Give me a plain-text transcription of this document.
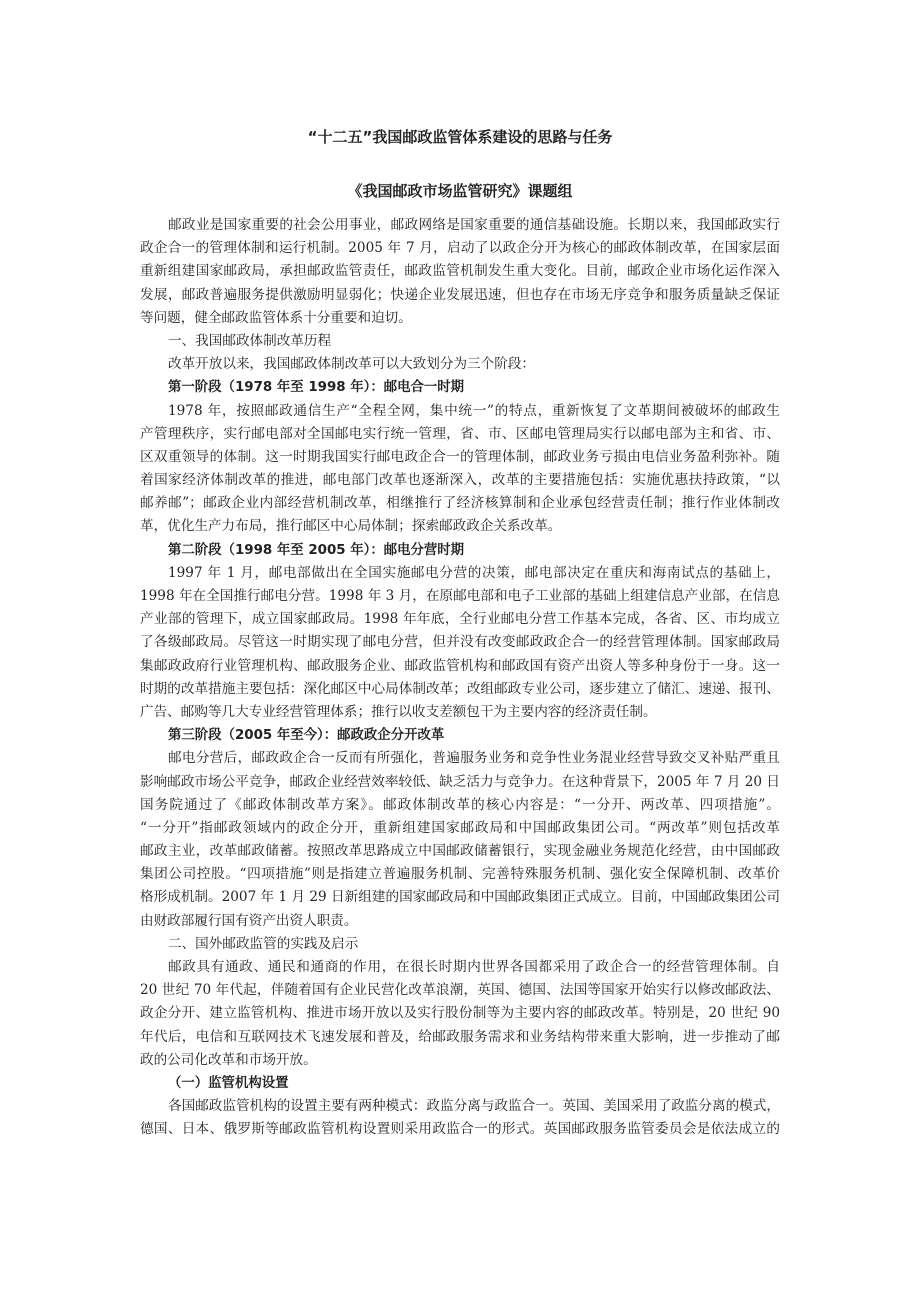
“十二五”我国邮政监管体系建设的思路与任务
《我国邮政市场监管研究》课题组
邮政业是国家重要的社会公用事业，邮政网络是国家重要的通信基础设施。长期以来，我国邮政实行
政企合一的管理体制和运行机制。2005 年 7 月，启动了以政企分开为核心的邮政体制改革，在国家层面
重新组建国家邮政局，承担邮政监管责任，邮政监管机制发生重大变化。目前，邮政企业市场化运作深入
发展，邮政普遍服务提供激励明显弱化；快递企业发展迅速，但也存在市场无序竞争和服务质量缺乏保证
等问题，健全邮政监管体系十分重要和迫切。
一、我国邮政体制改革历程
改革开放以来，我国邮政体制改革可以大致划分为三个阶段：
第一阶段（1978 年至 1998 年）：邮电合一时期
1978 年，按照邮政通信生产“全程全网，集中统一”的特点，重新恢复了文革期间被破坏的邮政生
产管理秩序，实行邮电部对全国邮电实行统一管理，省、市、区邮电管理局实行以邮电部为主和省、市、
区双重领导的体制。这一时期我国实行邮电政企合一的管理体制，邮政业务亏损由电信业务盈利弥补。随
着国家经济体制改革的推进，邮电部门改革也逐渐深入，改革的主要措施包括：实施优惠扶持政策，“以
邮养邮”；邮政企业内部经营机制改革，相继推行了经济核算制和企业承包经营责任制；推行作业体制改
革，优化生产力布局，推行邮区中心局体制；探索邮政政企关系改革。
第二阶段（1998 年至 2005 年）：邮电分营时期
1997 年 1 月，邮电部做出在全国实施邮电分营的决策，邮电部决定在重庆和海南试点的基础上，
1998 年在全国推行邮电分营。1998 年 3 月，在原邮电部和电子工业部的基础上组建信息产业部，在信息
产业部的管理下，成立国家邮政局。1998 年年底，全行业邮电分营工作基本完成，各省、区、市均成立
了各级邮政局。尽管这一时期实现了邮电分营，但并没有改变邮政政企合一的经营管理体制。国家邮政局
集邮政政府行业管理机构、邮政服务企业、邮政监管机构和邮政国有资产出资人等多种身份于一身。这一
时期的改革措施主要包括：深化邮区中心局体制改革；改组邮政专业公司，逐步建立了储汇、速递、报刊、
广告、邮购等几大专业经营管理体系；推行以收支差额包干为主要内容的经济责任制。
第三阶段（2005 年至今）：邮政政企分开改革
邮电分营后，邮政政企合一反而有所强化，普遍服务业务和竞争性业务混业经营导致交叉补贴严重且
影响邮政市场公平竞争，邮政企业经营效率较低、缺乏活力与竞争力。在这种背景下，2005 年 7 月 20 日
国务院通过了《邮政体制改革方案》。邮政体制改革的核心内容是：“一分开、两改革、四项措施”。
“一分开”指邮政领域内的政企分开，重新组建国家邮政局和中国邮政集团公司。“两改革”则包括改革
邮政主业，改革邮政储蓄。按照改革思路成立中国邮政储蓄银行，实现金融业务规范化经营，由中国邮政
集团公司控股。“四项措施”则是指建立普遍服务机制、完善特殊服务机制、强化安全保障机制、改革价
格形成机制。2007 年 1 月 29 日新组建的国家邮政局和中国邮政集团正式成立。目前，中国邮政集团公司
由财政部履行国有资产出资人职责。
二、国外邮政监管的实践及启示
邮政具有通政、通民和通商的作用，在很长时期内世界各国都采用了政企合一的经营管理体制。自
20 世纪 70 年代起，伴随着国有企业民营化改革浪潮，英国、德国、法国等国家开始实行以修改邮政法、
政企分开、建立监管机构、推进市场开放以及实行股份制等为主要内容的邮政改革。特别是，20 世纪 90
年代后，电信和互联网技术飞速发展和普及，给邮政服务需求和业务结构带来重大影响，进一步推动了邮
政的公司化改革和市场开放。
（一）监管机构设置
各国邮政监管机构的设置主要有两种模式：政监分离与政监合一。英国、美国采用了政监分离的模式，
德国、日本、俄罗斯等邮政监管机构设置则采用政监合一的形式。英国邮政服务监管委员会是依法成立的
